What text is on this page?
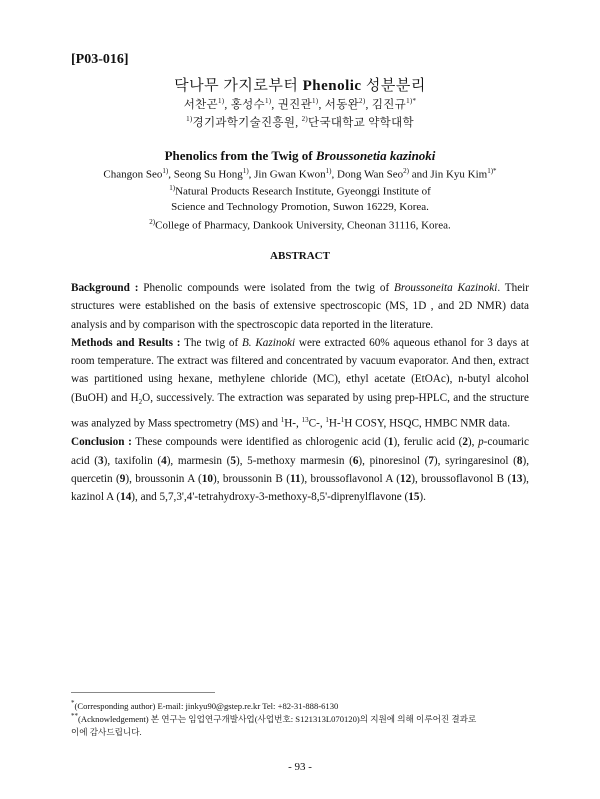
[P03-016]
닥나무 가지로부터 Phenolic 성분분리
서찬곤$^{1)}$, 홍성수$^{1)}$, 권진관$^{1)}$, 서동완$^{2)}$, 김진규$^{1)*}$
$^{1)}$경기과학기술진흥원, $^{2)}$단국대학교 약학대학
Phenolics from the Twig of Broussonetia kazinoki
Changon Seo$^{1)}$, Seong Su Hong$^{1)}$, Jin Gwan Kwon$^{1)}$, Dong Wan Seo$^{2)}$ and Jin Kyu Kim$^{1)*}$
$^{1)}$Natural Products Research Institute, Gyeonggi Institute of
Science and Technology Promotion, Suwon 16229, Korea.
$^{2)}$College of Pharmacy, Dankook University, Cheonan 31116, Korea.
ABSTRACT
Background : Phenolic compounds were isolated from the twig of Broussoneita Kazinoki. Their structures were established on the basis of extensive spectroscopic (MS, 1D , and 2D NMR) data analysis and by comparison with the spectroscopic data reported in the literature.
Methods and Results : The twig of B. Kazinoki were extracted 60% aqueous ethanol for 3 days at room temperature. The extract was filtered and concentrated by vacuum evaporator. And then, extract was partitioned using hexane, methylene chloride (MC), ethyl acetate (EtOAc), n-butyl alcohol (BuOH) and $H_2O$, successively. The extraction was separated by using prep-HPLC, and the structure was analyzed by Mass spectrometry (MS) and $^1$H-, $^{13}$C-, $^1$H-$^1$H COSY, HSQC, HMBC NMR data.
Conclusion : These compounds were identified as chlorogenic acid (1), ferulic acid (2), p-coumaric acid (3), taxifolin (4), marmesin (5), 5-methoxy marmesin (6), pinoresinol (7), syringaresinol (8), quercetin (9), broussonin A (10), broussonin B (11), broussoflavonol A (12), broussoflavonol B (13), kazinol A (14), and 5,7,3',4'-tetrahydroxy-3-methoxy-8,5'-diprenylflavone (15).
*(Corresponding author) E-mail: jinkyu90@gstep.re.kr Tel: +82-31-888-6130
**(Acknowledgement) 본 연구는 임업연구개발사업(사업번호: S121313L070120)의 지원에 의해 이루어진 결과로
이에 감사드립니다.
- 93 -
